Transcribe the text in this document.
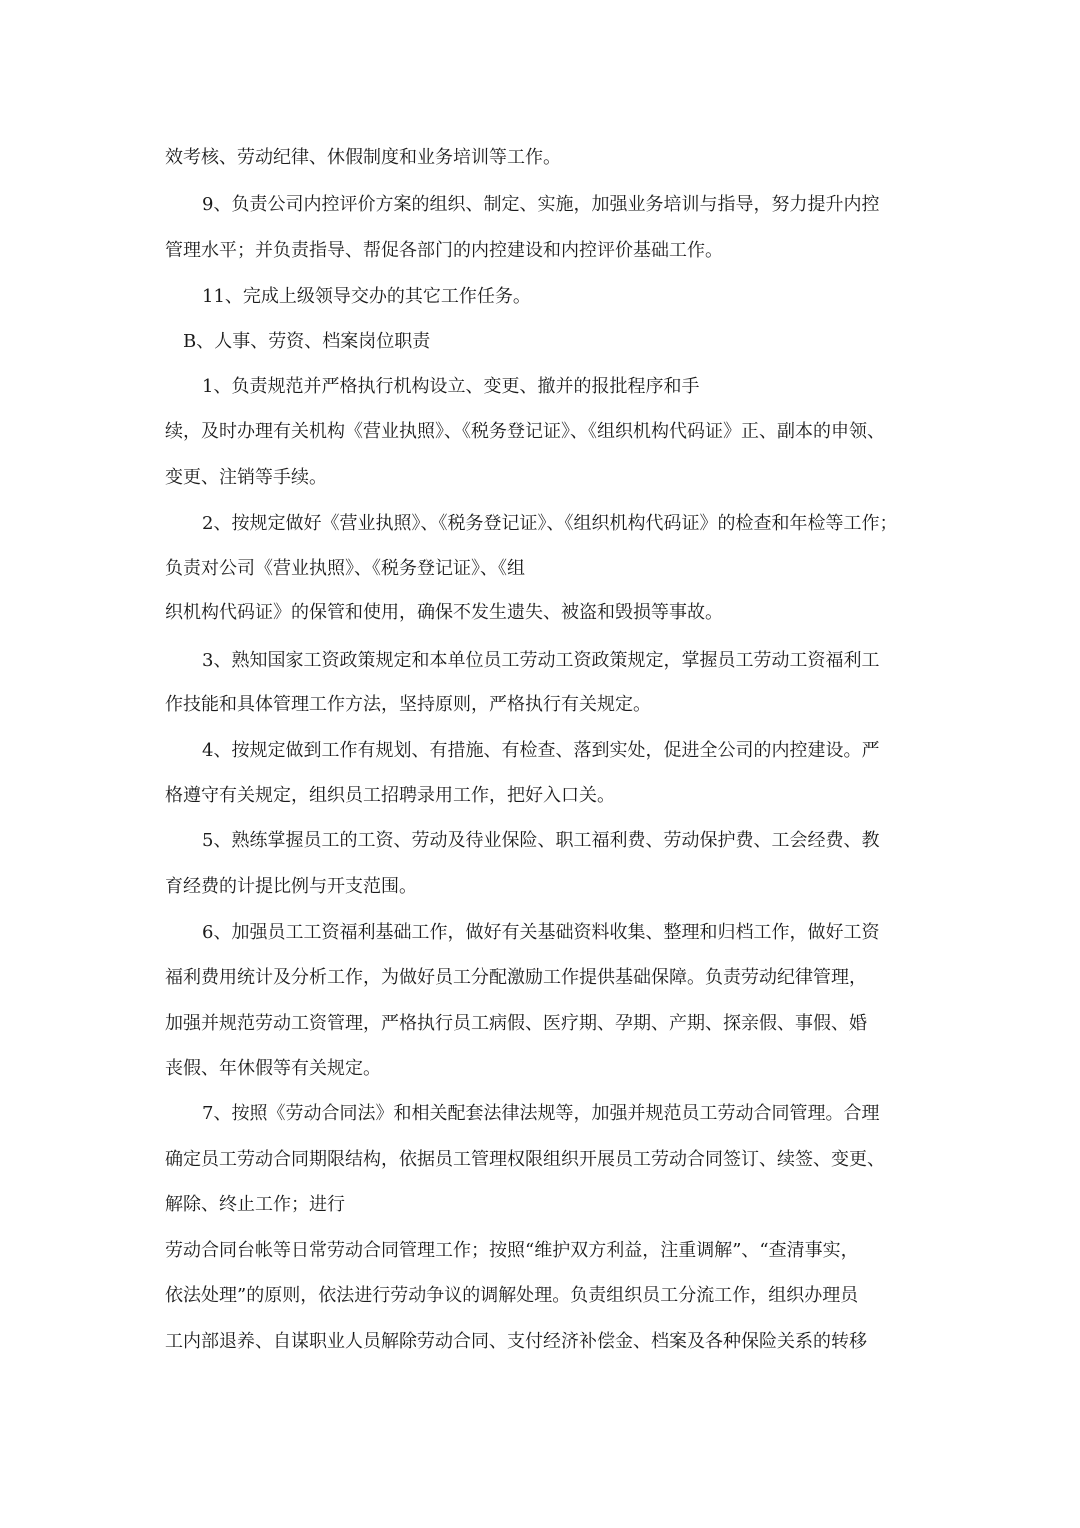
效考核、劳动纪律、休假制度和业务培训等工作。

9、负责公司内控评价方案的组织、制定、实施，加强业务培训与指导，努力提升内控

管理水平；并负责指导、帮促各部门的内控建设和内控评价基础工作。

11、完成上级领导交办的其它工作任务。

B、人事、劳资、档案岗位职责

1、负责规范并严格执行机构设立、变更、撤并的报批程序和手

续，及时办理有关机构《营业执照》、《税务登记证》、《组织机构代码证》正、副本的申领、

变更、注销等手续。

2、按规定做好《营业执照》、《税务登记证》、《组织机构代码证》的检查和年检等工作；

负责对公司《营业执照》、《税务登记证》、《组

织机构代码证》的保管和使用，确保不发生遗失、被盗和毁损等事故。

3、熟知国家工资政策规定和本单位员工劳动工资政策规定，掌握员工劳动工资福利工

作技能和具体管理工作方法，坚持原则，严格执行有关规定。

4、按规定做到工作有规划、有措施、有检查、落到实处，促进全公司的内控建设。严

格遵守有关规定，组织员工招聘录用工作，把好入口关。

5、熟练掌握员工的工资、劳动及待业保险、职工福利费、劳动保护费、工会经费、教

育经费的计提比例与开支范围。

6、加强员工工资福利基础工作，做好有关基础资料收集、整理和归档工作，做好工资

福利费用统计及分析工作，为做好员工分配激励工作提供基础保障。负责劳动纪律管理，

加强并规范劳动工资管理，严格执行员工病假、医疗期、孕期、产期、探亲假、事假、婚

丧假、年休假等有关规定。

7、按照《劳动合同法》和相关配套法律法规等，加强并规范员工劳动合同管理。合理

确定员工劳动合同期限结构，依据员工管理权限组织开展员工劳动合同签订、续签、变更、

解除、终止工作；进行

劳动合同台帐等日常劳动合同管理工作；按照“维护双方利益，注重调解”、“查清事实，

依法处理”的原则，依法进行劳动争议的调解处理。负责组织员工分流工作，组织办理员

工内部退养、自谋职业人员解除劳动合同、支付经济补偿金、档案及各种保险关系的转移
